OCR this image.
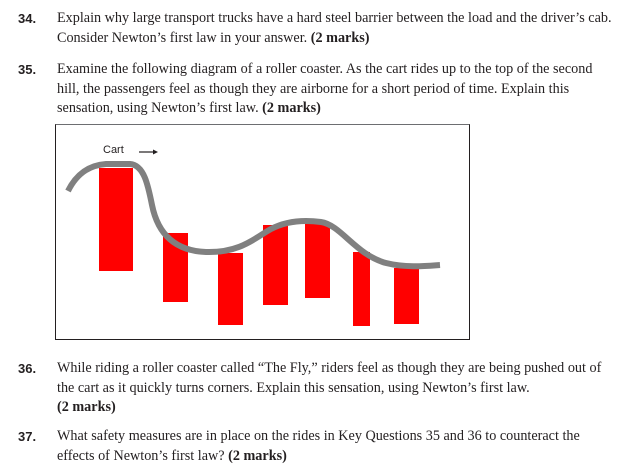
34. Explain why large transport trucks have a hard steel barrier between the load and the driver’s cab. Consider Newton’s first law in your answer. (2 marks)
35. Examine the following diagram of a roller coaster. As the cart rides up to the top of the second hill, the passengers feel as though they are airborne for a short period of time. Explain this sensation, using Newton’s first law. (2 marks)
Cart
36. While riding a roller coaster called “The Fly,” riders feel as though they are being pushed out of the cart as it quickly turns corners. Explain this sensation, using Newton’s first law.
(2 marks)
37. What safety measures are in place on the rides in Key Questions 35 and 36 to counteract the effects of Newton’s first law? (2 marks)
